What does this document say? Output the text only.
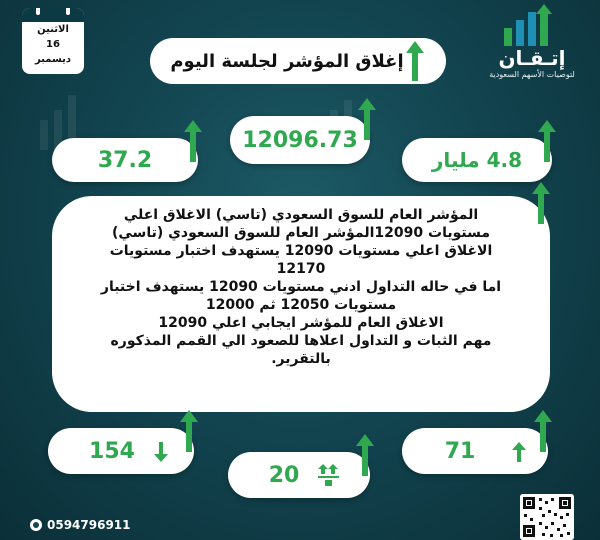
الاثنين
16
ديسمبر	إتـقـان
لتوصيات الأسهم السعودية
إغلاق المؤشر لجلسة اليوم
12096.73
37.2	4.8 مليار

المؤشر العام للسوق السعودي (تاسي) الاغلاق اعلي

مستويات 12090المؤشر العام للسوق السعودي (تاسي)

الاغلاق اعلي مستويات 12090 يستهدف اختبار مستويات

12170

اما في حاله التداول ادني مستويات 12090 يستهدف اختبار

مستويات 12050 ثم 12000

الاغلاق العام للمؤشر ايجابي اعلي 12090

مهم الثبات و التداول اعلاها للصعود الي القمم المذكوره

بالتقرير.

154
20
71
0594796911
